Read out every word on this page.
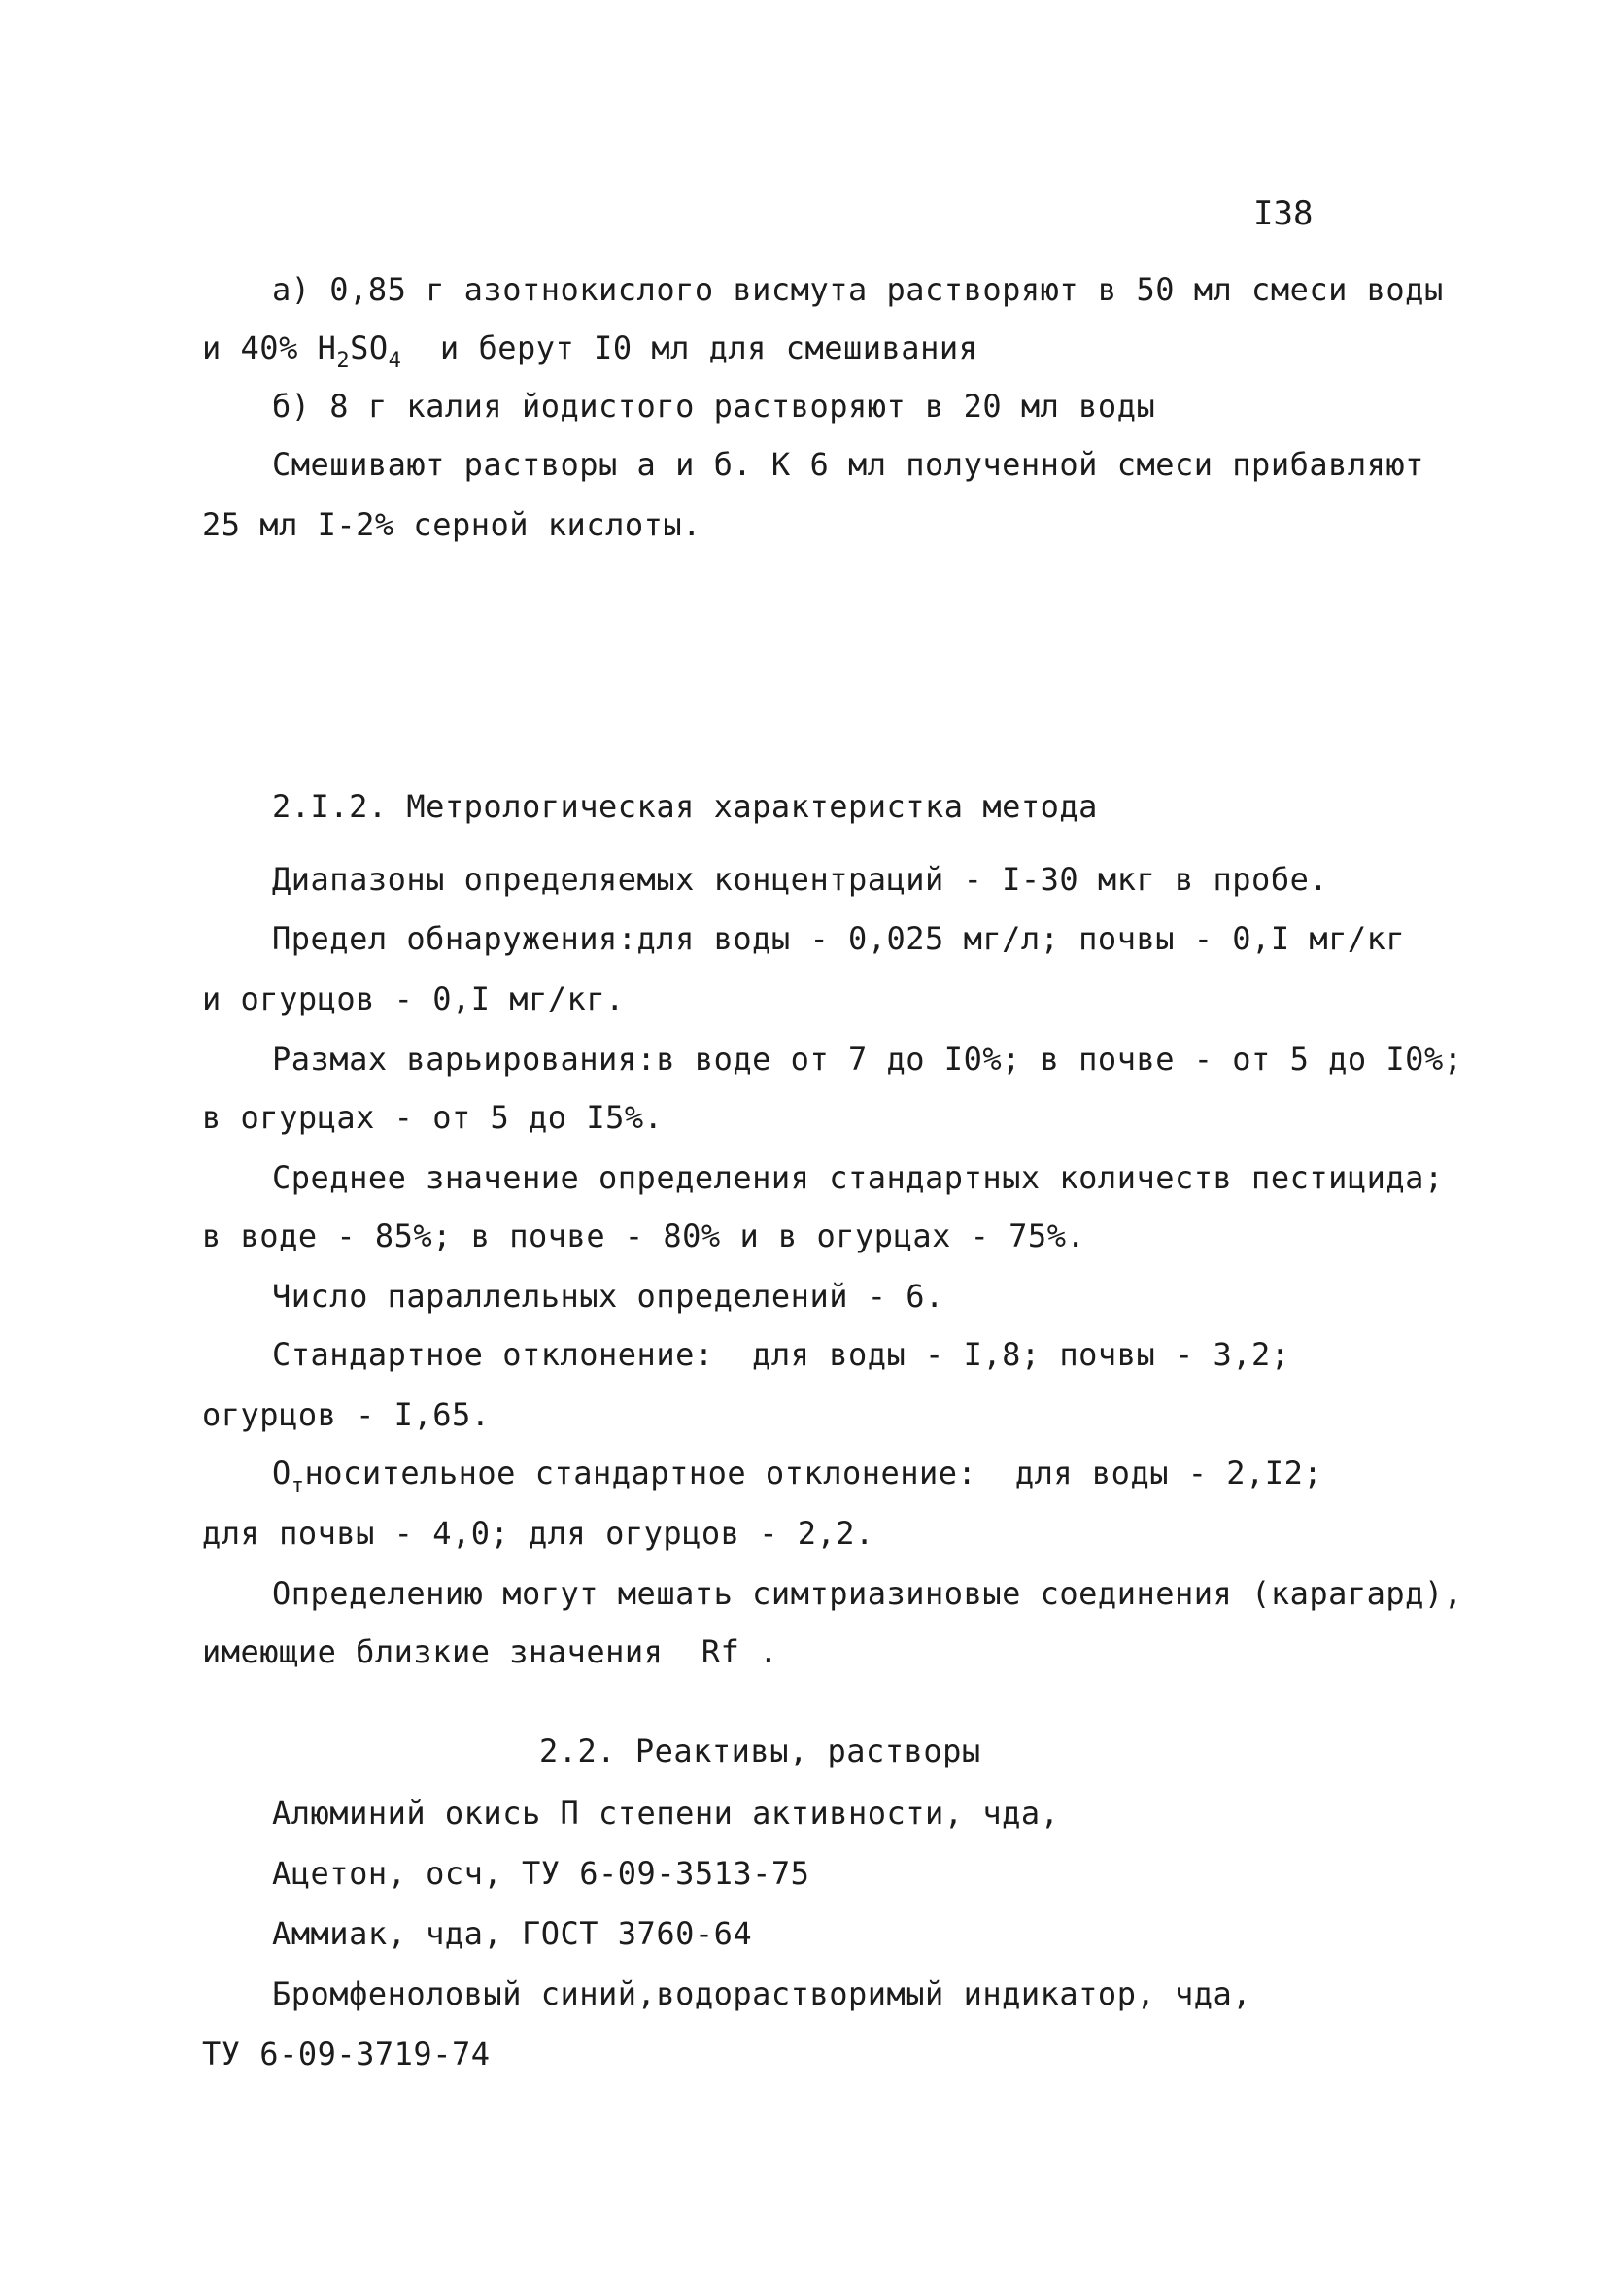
I38
а) 0,85 г азотнокислого висмута растворяют в 50 мл смеси воды
и 40% $H_2SO_4$  и берут I0 мл для смешивания
б) 8 г калия йодистого растворяют в 20 мл воды
Смешивают растворы а и б. К 6 мл полученной смеси прибавляют
25 мл I-2% серной кислоты.
2.I.2. Метрологическая характеристка метода
Диапазоны определяемых концентраций - I-30 мкг в пробе.
Предел обнаружения:для воды - 0,025 мг/л; почвы - 0,I мг/кг
и огурцов - 0,I мг/кг.
Размах варьирования:в воде от 7 до I0%; в почве - от 5 до I0%;
в огурцах - от 5 до I5%.
Среднее значение определения стандартных количеств пестицида;
в воде - 85%; в почве - 80% и в огурцах - 75%.
Число параллельных определений - 6.
Стандартное отклонение:  для воды - I,8; почвы - 3,2;
огурцов - I,65.
$О_тносительное$ стандартное отклонение:  для воды - 2,I2;
для почвы - 4,0; для огурцов - 2,2.
Определению могут мешать симтриазиновые соединения (карагард),
имеющие близкие значения  Rf .
2.2. Реактивы, растворы
Алюминий окись П степени активности, чда,
Ацетон, осч, ТУ 6-09-3513-75
Аммиак, чда, ГОСТ 3760-64
Бромфеноловый синий,водорастворимый индикатор, чда,
ТУ 6-09-3719-74
